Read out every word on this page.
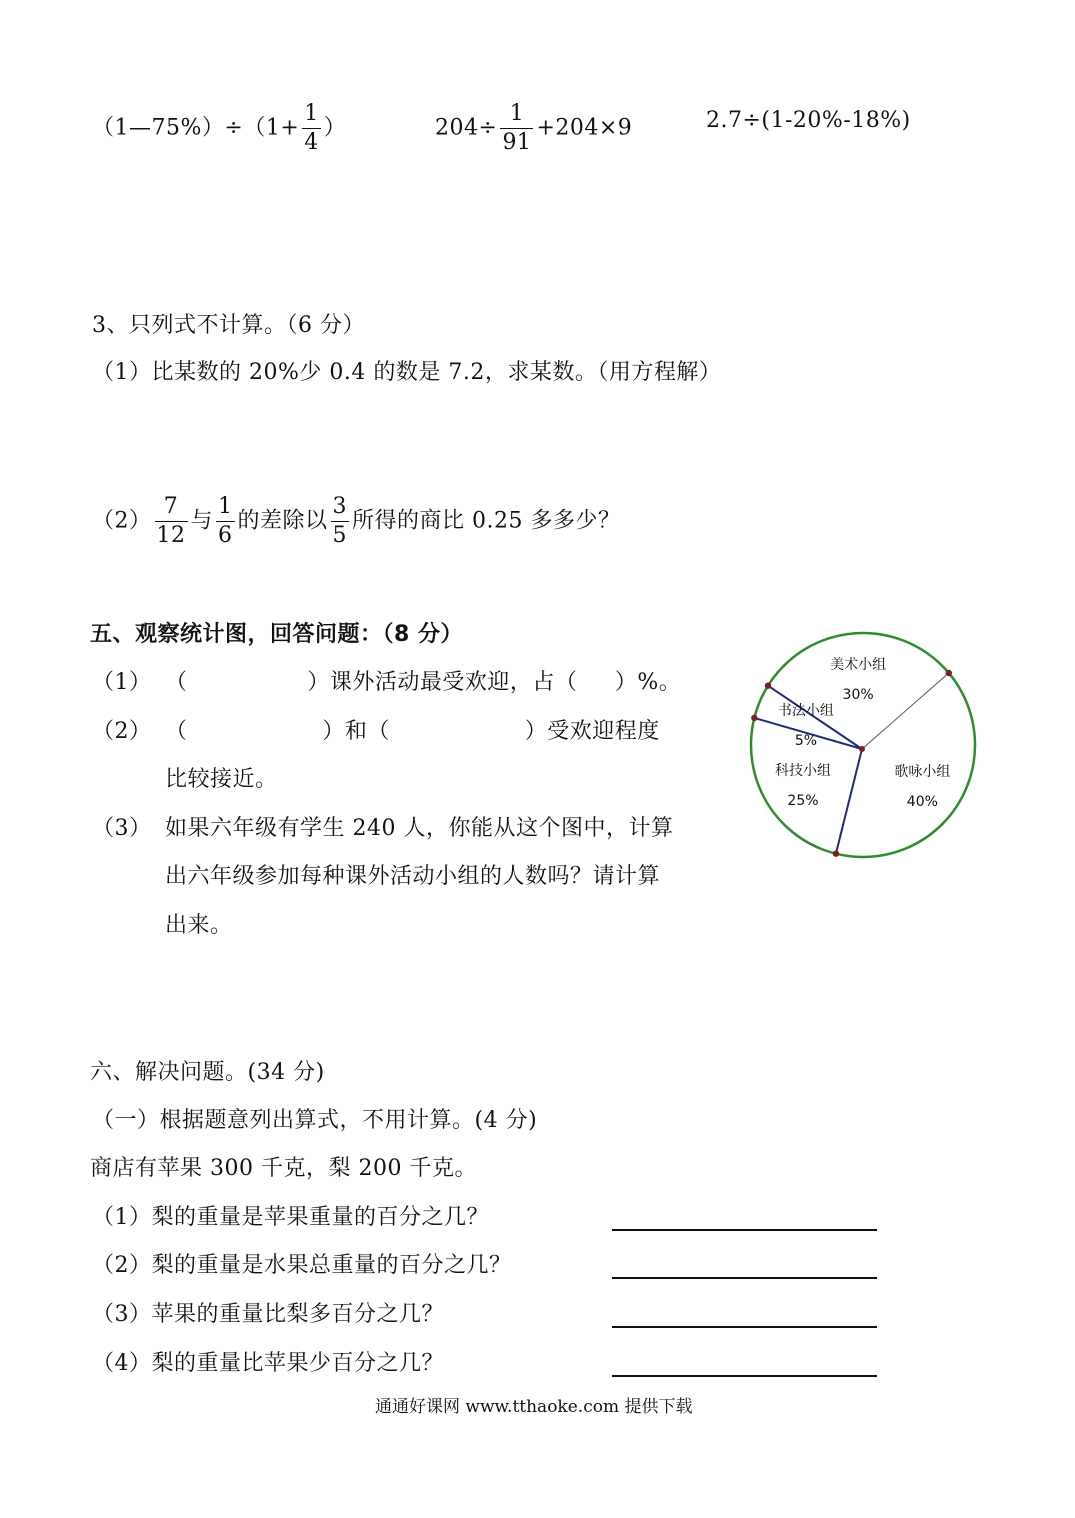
（1—75%）÷（1+ $\frac{1}{4}$ ）	$204\div \frac{1}{91} +204\times 9$	2.7÷(1-20%-18%)
3、只列式不计算。（6 分）
（1）比某数的 20%少 0.4 的数是 7.2，求某数。（用方程解）
$(2) \frac{7}{12}$ 与 $\frac{1}{6}$ 的差除以 $\frac{3}{5}$ 所得的商比 0.25 多多少？
五、观察统计图，回答问题：（8 分）
（1） （                ）课外活动最受欢迎，占（     ）%。
（2） （                  ）和（                  ）受欢迎程度
比较接近。
（3） 如果六年级有学生 240 人，你能从这个图中，计算
出六年级参加每种课外活动小组的人数吗？请计算
出来。
书法小组
5%
美术小组
30%
歌咏小组
40%
科技小组
25%
六、解决问题。(34 分)
（一）根据题意列出算式，不用计算。(4 分)
商店有苹果 300 千克，梨 200 千克。
（1）梨的重量是苹果重量的百分之几？
（2）梨的重量是水果总重量的百分之几？
（3）苹果的重量比梨多百分之几？
（4）梨的重量比苹果少百分之几？
通通好课网 www.tthaoke.com 提供下载
